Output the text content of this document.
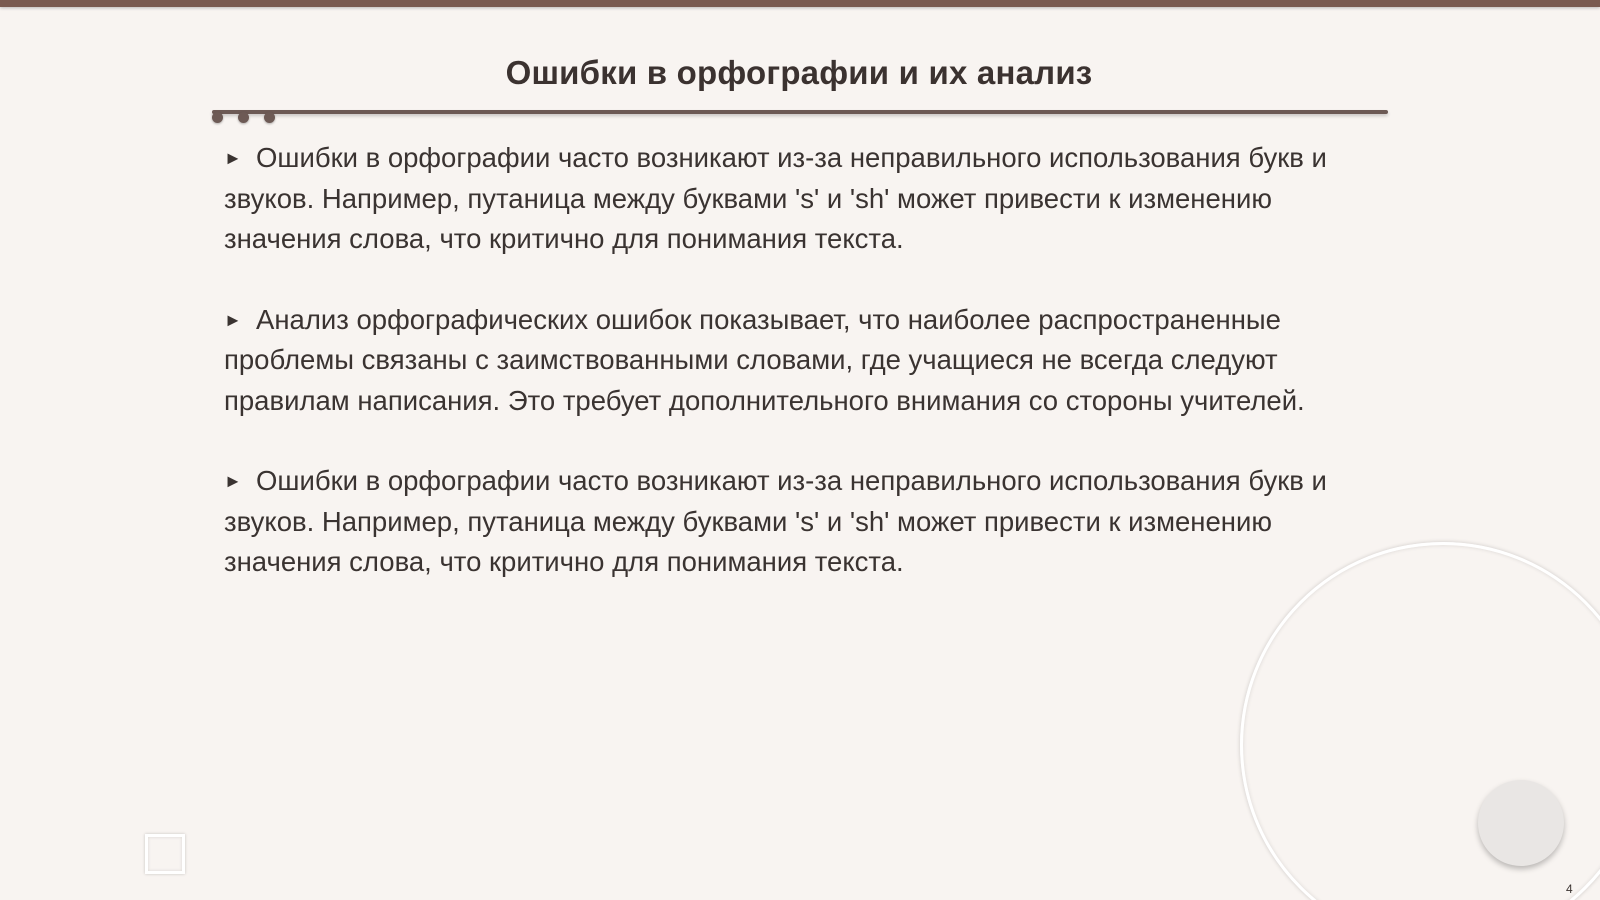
Ошибки в орфографии и их анализ
► Ошибки в орфографии часто возникают из-за неправильного использования букв и звуков. Например, путаница между буквами 's' и 'sh' может привести к изменению значения слова, что критично для понимания текста.
► Анализ орфографических ошибок показывает, что наиболее распространенные проблемы связаны с заимствованными словами, где учащиеся не всегда следуют правилам написания. Это требует дополнительного внимания со стороны учителей.
► Ошибки в орфографии часто возникают из-за неправильного использования букв и звуков. Например, путаница между буквами 's' и 'sh' может привести к изменению значения слова, что критично для понимания текста.
4
